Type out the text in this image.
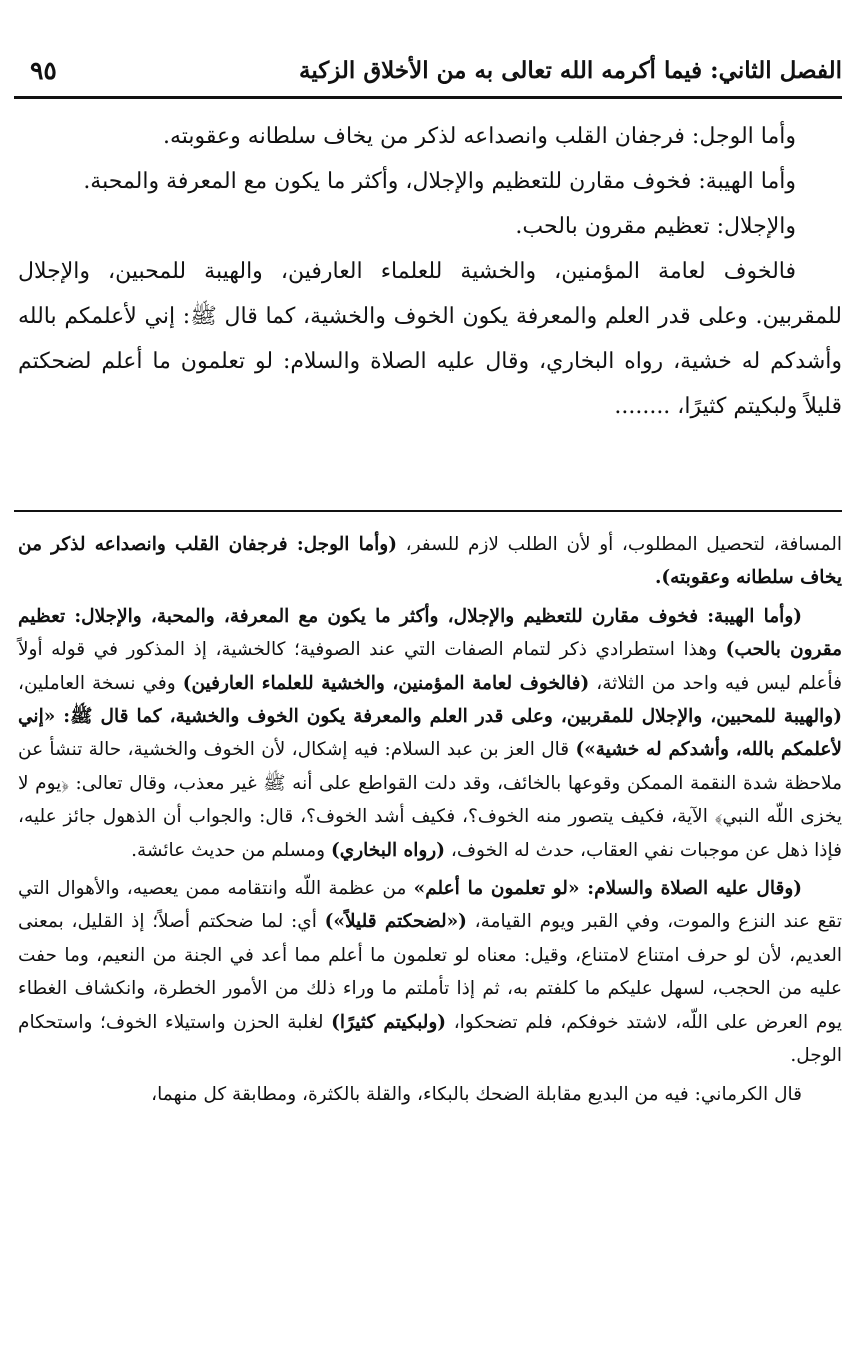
الفصل الثاني: فيما أكرمه الله تعالى به من الأخلاق الزكية
٩٥

وأما الوجل: فرجفان القلب وانصداعه لذكر من يخاف سلطانه وعقوبته.

وأما الهيبة: فخوف مقارن للتعظيم والإجلال، وأكثر ما يكون مع المعرفة والمحبة.

والإجلال: تعظيم مقرون بالحب.

فالخوف لعامة المؤمنين، والخشية للعلماء العارفين، والهيبة للمحبين، والإجلال للمقربين. وعلى قدر العلم والمعرفة يكون الخوف والخشية، كما قال ﷺ: إني لأعلمكم بالله وأشدكم له خشية، رواه البخاري، وقال عليه الصلاة والسلام: لو تعلمون ما أعلم لضحكتم قليلاً ولبكيتم كثيرًا، ........

المسافة، لتحصيل المطلوب، أو لأن الطلب لازم للسفر، (وأما الوجل: فرجفان القلب وانصداعه لذكر من يخاف سلطانه وعقوبته).

(وأما الهيبة: فخوف مقارن للتعظيم والإجلال، وأكثر ما يكون مع المعرفة، والمحبة، والإجلال: تعظيم مقرون بالحب) وهذا استطرادي ذكر لتمام الصفات التي عند الصوفية؛ كالخشية، إذ المذكور في قوله أولاً فأعلم ليس فيه واحد من الثلاثة، (فالخوف لعامة المؤمنين، والخشية للعلماء العارفين) وفي نسخة العاملين، (والهيبة للمحبين، والإجلال للمقربين، وعلى قدر العلم والمعرفة يكون الخوف والخشية، كما قال ﷺ: «إني لأعلمكم بالله، وأشدكم له خشية») قال العز بن عبد السلام: فيه إشكال، لأن الخوف والخشية، حالة تنشأ عن ملاحظة شدة النقمة الممكن وقوعها بالخائف، وقد دلت القواطع على أنه ﷺ غير معذب، وقال تعالى: ﴿يوم لا يخزى اللّه النبي﴾ الآية، فكيف يتصور منه الخوف؟، فكيف أشد الخوف؟، قال: والجواب أن الذهول جائز عليه، فإذا ذهل عن موجبات نفي العقاب، حدث له الخوف، (رواه البخاري) ومسلم من حديث عائشة.

(وقال عليه الصلاة والسلام: «لو تعلمون ما أعلم» من عظمة اللّه وانتقامه ممن يعصيه، والأهوال التي تقع عند النزع والموت، وفي القبر ويوم القيامة، («لضحكتم قليلاً») أي: لما ضحكتم أصلاً؛ إذ القليل، بمعنى العديم، لأن لو حرف امتناع لامتناع، وقيل: معناه لو تعلمون ما أعلم مما أعد في الجنة من النعيم، وما حفت عليه من الحجب، لسهل عليكم ما كلفتم به، ثم إذا تأملتم ما وراء ذلك من الأمور الخطرة، وانكشاف الغطاء يوم العرض على اللّه، لاشتد خوفكم، فلم تضحكوا، (ولبكيتم كثيرًا) لغلبة الحزن واستيلاء الخوف؛ واستحكام الوجل.

قال الكرماني: فيه من البديع مقابلة الضحك بالبكاء، والقلة بالكثرة، ومطابقة كل منهما،
